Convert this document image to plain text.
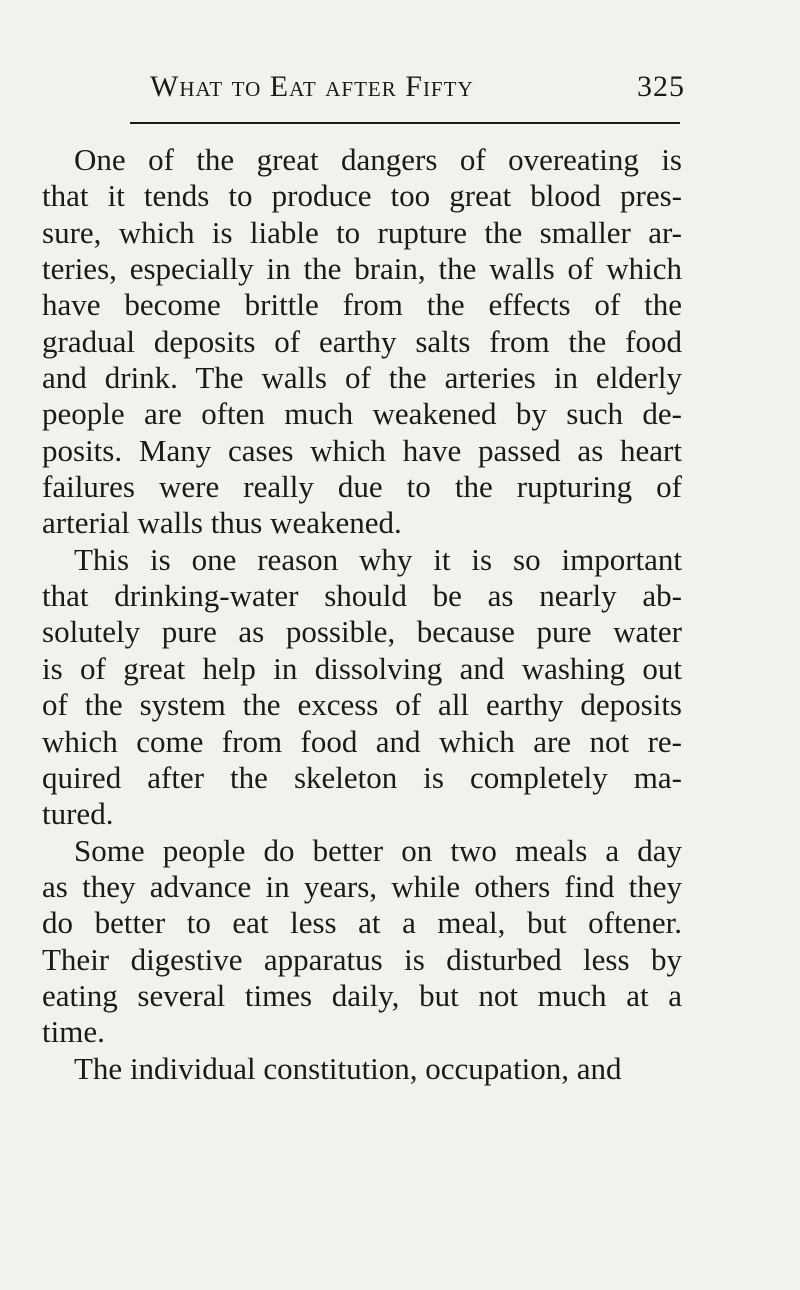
What to Eat after Fifty	325
One of the great dangers of overeating is
that it tends to produce too great blood pres-
sure, which is liable to rupture the smaller ar-
teries, especially in the brain, the walls of which
have become brittle from the effects of the
gradual deposits of earthy salts from the food
and drink. The walls of the arteries in elderly
people are often much weakened by such de-
posits. Many cases which have passed as heart
failures were really due to the rupturing of
arterial walls thus weakened.
This is one reason why it is so important
that drinking-water should be as nearly ab-
solutely pure as possible, because pure water
is of great help in dissolving and washing out
of the system the excess of all earthy deposits
which come from food and which are not re-
quired after the skeleton is completely ma-
tured.
Some people do better on two meals a day
as they advance in years, while others find they
do better to eat less at a meal, but oftener.
Their digestive apparatus is disturbed less by
eating several times daily, but not much at a
time.
The individual constitution, occupation, and
